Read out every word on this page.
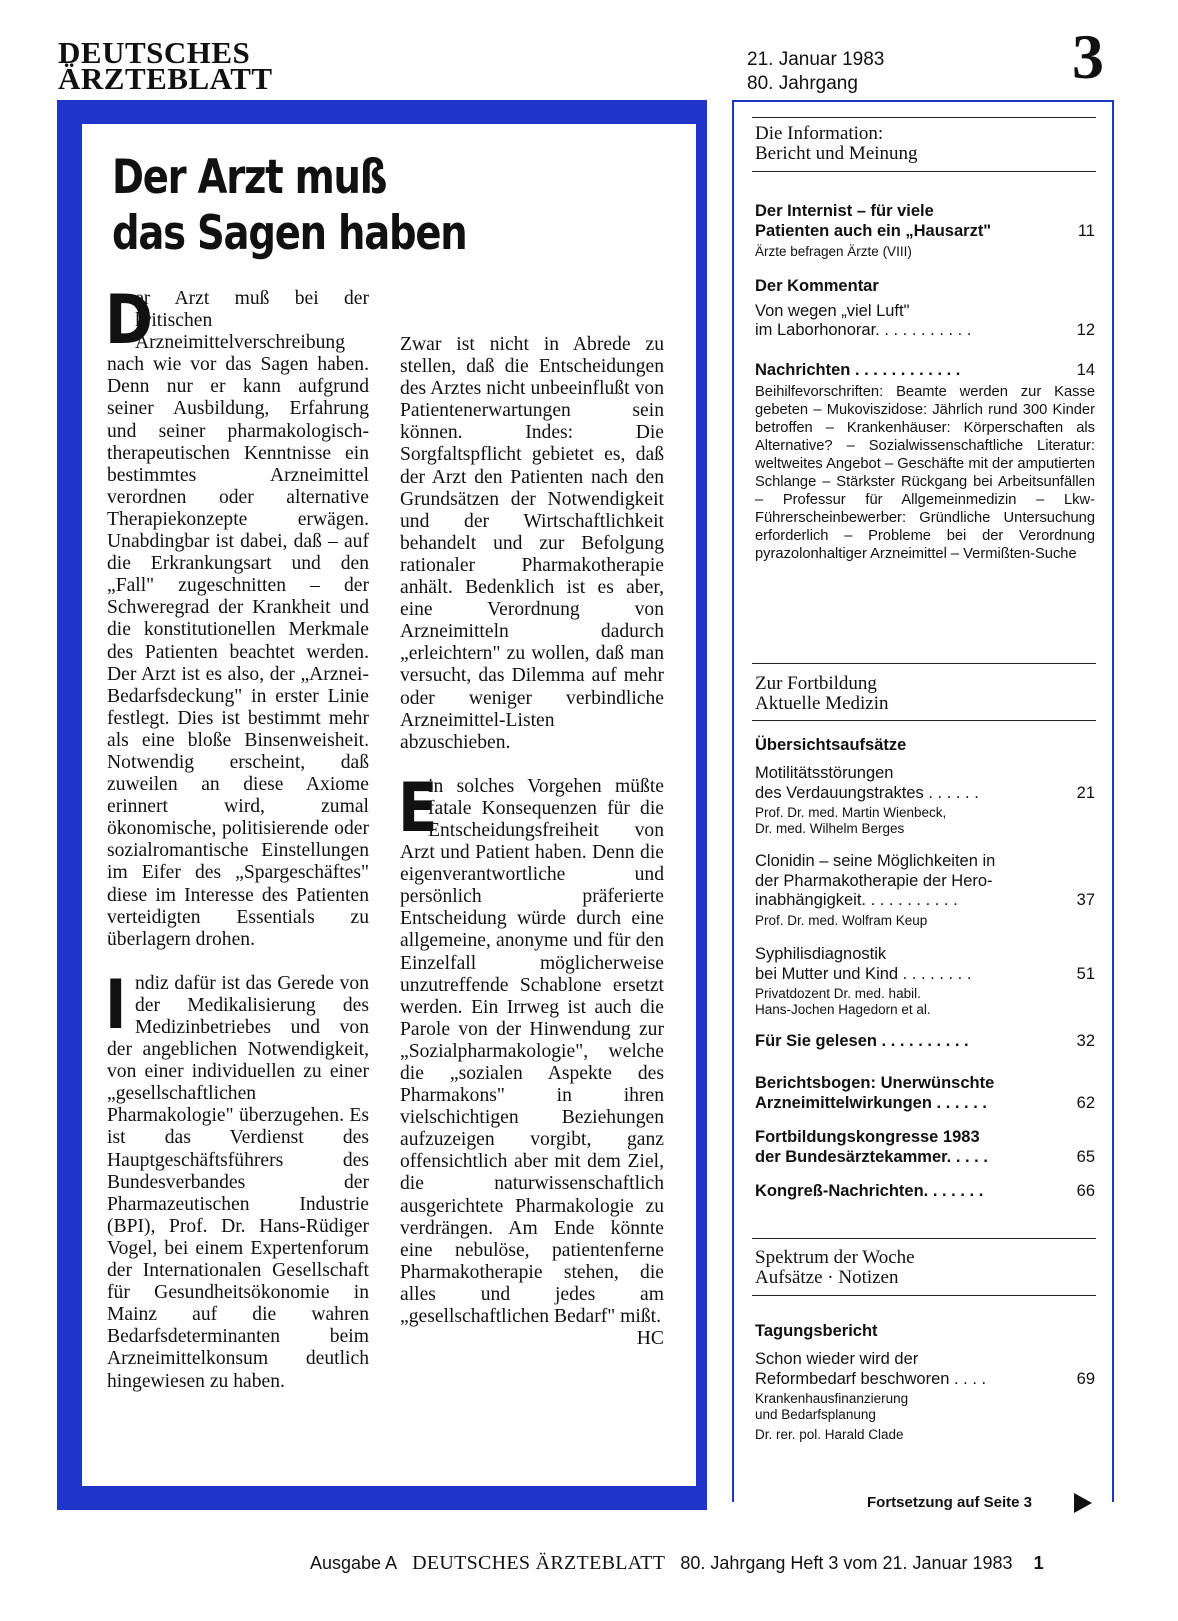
DEUTSCHES
ÄRZTEBLATT
21. Januar 1983
80. Jahrgang	3
Der Arzt muß
das Sagen haben

D
er Arzt muß bei der kritischen Arzneimittelverschreibung nach wie vor das Sagen haben. Denn nur er kann aufgrund seiner Ausbildung, Erfahrung und seiner pharmakologisch-therapeutischen Kenntnisse ein bestimmtes Arzneimittel verordnen oder alternative Therapiekonzepte erwägen. Unabdingbar ist dabei, daß – auf die Erkrankungsart und den „Fall" zugeschnitten – der Schweregrad der Krankheit und die konstitutionellen Merkmale des Patienten beachtet werden. Der Arzt ist es also, der „Arznei-Bedarfsdeckung" in erster Linie festlegt. Dies ist bestimmt mehr als eine bloße Binsenweisheit. Notwendig erscheint, daß zuweilen an diese Axiome erinnert wird, zumal ökonomische, politisierende oder sozialromantische Einstellungen im Eifer des „Spargeschäftes" diese im Interesse des Patienten verteidigten Essentials zu überlagern drohen.

Indiz dafür ist das Gerede von der Medikalisierung des Medizinbetriebes und von der angeblichen Notwendigkeit, von einer individuellen zu einer „gesellschaftlichen Pharmakologie" überzugehen. Es ist das Verdienst des Hauptgeschäftsführers des Bundesverbandes der Pharmazeutischen Industrie (BPI), Prof. Dr. Hans-Rüdiger Vogel, bei einem Expertenforum der Internationalen Gesellschaft für Gesundheitsökonomie in Mainz auf die wahren Bedarfsdeterminanten beim Arzneimittelkonsum deutlich hingewiesen zu haben.

Zwar ist nicht in Abrede zu stellen, daß die Entscheidungen des Arztes nicht unbeeinflußt von Patientenerwartungen sein können. Indes: Die Sorgfaltspflicht gebietet es, daß der Arzt den Patienten nach den Grundsätzen der Notwendigkeit und der Wirtschaftlichkeit behandelt und zur Befolgung rationaler Pharmakotherapie anhält. Bedenklich ist es aber, eine Verordnung von Arzneimitteln dadurch „erleichtern" zu wollen, daß man versucht, das Dilemma auf mehr oder weniger verbindliche Arzneimittel-Listen abzuschieben.

E
in solches Vorgehen müßte fatale Konsequenzen für die Entscheidungsfreiheit von Arzt und Patient haben. Denn die eigenverantwortliche und persönlich präferierte Entscheidung würde durch eine allgemeine, anonyme und für den Einzelfall möglicherweise unzutreffende Schablone ersetzt werden. Ein Irrweg ist auch die Parole von der Hinwendung zur „Sozialpharmakologie", welche die „sozialen Aspekte des Pharmakons" in ihren vielschichtigen Beziehungen aufzuzeigen vorgibt, ganz offensichtlich aber mit dem Ziel, die naturwissenschaftlich ausgerichtete Pharmakologie zu verdrängen. Am Ende könnte eine nebulöse, patientenferne Pharmakotherapie stehen, die alles und jedes am „gesellschaftlichen Bedarf" mißt.
HC

Die Information:
Bericht und Meinung
Der Internist – für viele
Patienten auch ein „Hausarzt"	11
Ärzte befragen Ärzte (VIII)
Der Kommentar
Von wegen „viel Luft"
im Laborhonorar. . . . . . . . . . .	12
Nachrichten . . . . . . . . . . . .	14
Beihilfevorschriften: Beamte werden zur Kasse gebeten – Mukoviszidose: Jährlich rund 300 Kinder betroffen – Krankenhäuser: Körperschaften als Alternative? – Sozialwissenschaftliche Literatur: weltweites Angebot – Geschäfte mit der amputierten Schlange – Stärkster Rückgang bei Arbeitsunfällen – Professur für Allgemeinmedizin – Lkw-Führerscheinbewerber: Gründliche Untersuchung erforderlich – Probleme bei der Verordnung pyrazolonhaltiger Arzneimittel – Vermißten-Suche
Zur Fortbildung
Aktuelle Medizin
Übersichtsaufsätze
Motilitätsstörungen
des Verdauungstraktes . . . . . .	21
Prof. Dr. med. Martin Wienbeck,
Dr. med. Wilhelm Berges
Clonidin – seine Möglichkeiten in
der Pharmakotherapie der Hero-
inabhängigkeit. . . . . . . . . . .	37
Prof. Dr. med. Wolfram Keup
Syphilisdiagnostik
bei Mutter und Kind . . . . . . . .	51
Privatdozent Dr. med. habil.
Hans-Jochen Hagedorn et al.
Für Sie gelesen . . . . . . . . . .	32
Berichtsbogen: Unerwünschte
Arzneimittelwirkungen . . . . . .	62
Fortbildungskongresse 1983
der Bundesärztekammer. . . . .	65
Kongreß-Nachrichten. . . . . . .	66
Spektrum der Woche
Aufsätze · Notizen
Tagungsbericht
Schon wieder wird der
Reformbedarf beschworen . . . .	69
Krankenhausfinanzierung
und Bedarfsplanung
Dr. rer. pol. Harald Clade
Fortsetzung auf Seite 3
Ausgabe A DEUTSCHES ÄRZTEBLATT 80. Jahrgang Heft 3 vom 21. Januar 1983 1
